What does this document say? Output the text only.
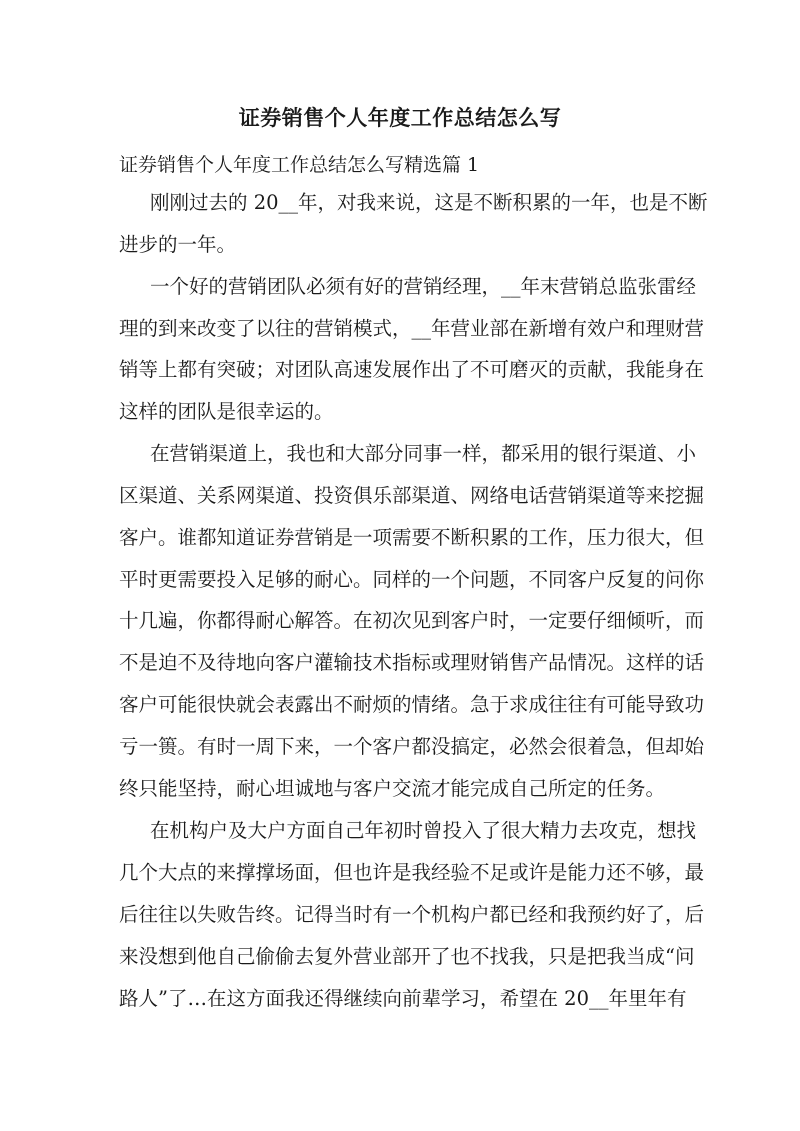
证券销售个人年度工作总结怎么写
证券销售个人年度工作总结怎么写精选篇 1
刚刚过去的 20__年，对我来说，这是不断积累的一年，也是不断
进步的一年。
一个好的营销团队必须有好的营销经理，__年末营销总监张雷经
理的到来改变了以往的营销模式，__年营业部在新增有效户和理财营
销等上都有突破；对团队高速发展作出了不可磨灭的贡献，我能身在
这样的团队是很幸运的。
在营销渠道上，我也和大部分同事一样，都采用的银行渠道、小
区渠道、关系网渠道、投资俱乐部渠道、网络电话营销渠道等来挖掘
客户。谁都知道证券营销是一项需要不断积累的工作，压力很大，但
平时更需要投入足够的耐心。同样的一个问题，不同客户反复的问你
十几遍，你都得耐心解答。在初次见到客户时，一定要仔细倾听，而
不是迫不及待地向客户灌输技术指标或理财销售产品情况。这样的话
客户可能很快就会表露出不耐烦的情绪。急于求成往往有可能导致功
亏一篑。有时一周下来，一个客户都没搞定，必然会很着急，但却始
终只能坚持，耐心坦诚地与客户交流才能完成自己所定的任务。
在机构户及大户方面自己年初时曾投入了很大精力去攻克，想找
几个大点的来撑撑场面，但也许是我经验不足或许是能力还不够，最
后往往以失败告终。记得当时有一个机构户都已经和我预约好了，后
来没想到他自己偷偷去复外营业部开了也不找我，只是把我当成“问
路人”了…在这方面我还得继续向前辈学习，希望在 20__年里年有
